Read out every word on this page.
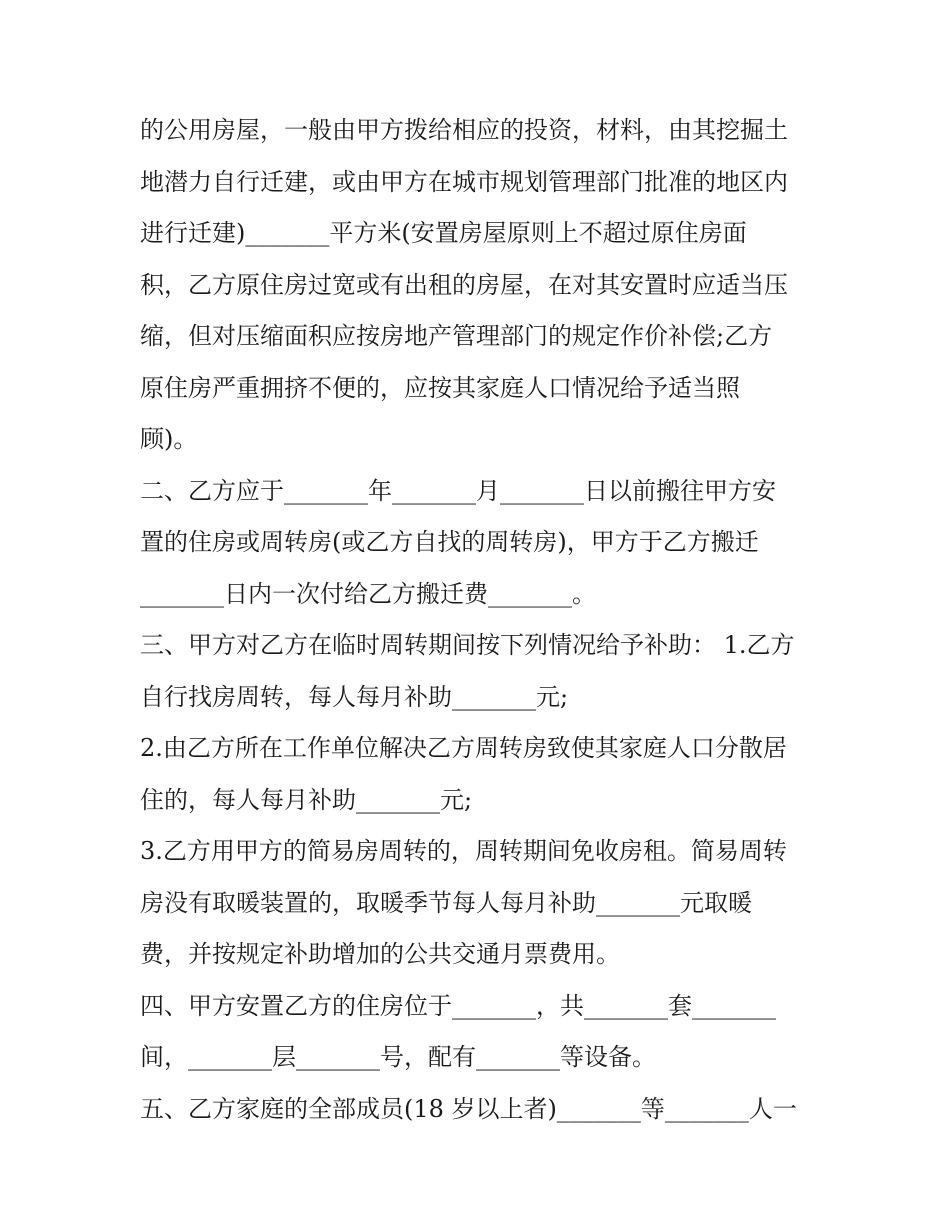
的公用房屋，一般由甲方拨给相应的投资，材料，由其挖掘土
地潜力自行迁建，或由甲方在城市规划管理部门批准的地区内
进行迁建)_______平方米(安置房屋原则上不超过原住房面
积，乙方原住房过宽或有出租的房屋，在对其安置时应适当压
缩，但对压缩面积应按房地产管理部门的规定作价补偿;乙方
原住房严重拥挤不便的，应按其家庭人口情况给予适当照
顾)。
二、乙方应于_______年_______月_______日以前搬往甲方安
置的住房或周转房(或乙方自找的周转房)，甲方于乙方搬迁
_______日内一次付给乙方搬迁费_______。
三、甲方对乙方在临时周转期间按下列情况给予补助： 1.乙方
自行找房周转，每人每月补助_______元;
2.由乙方所在工作单位解决乙方周转房致使其家庭人口分散居
住的，每人每月补助_______元;
3.乙方用甲方的简易房周转的，周转期间免收房租。简易周转
房没有取暖装置的，取暖季节每人每月补助_______元取暖
费，并按规定补助增加的公共交通月票费用。
四、甲方安置乙方的住房位于_______，共_______套_______
间，_______层_______号，配有_______等设备。
五、乙方家庭的全部成员(18 岁以上者)_______等_______人一
